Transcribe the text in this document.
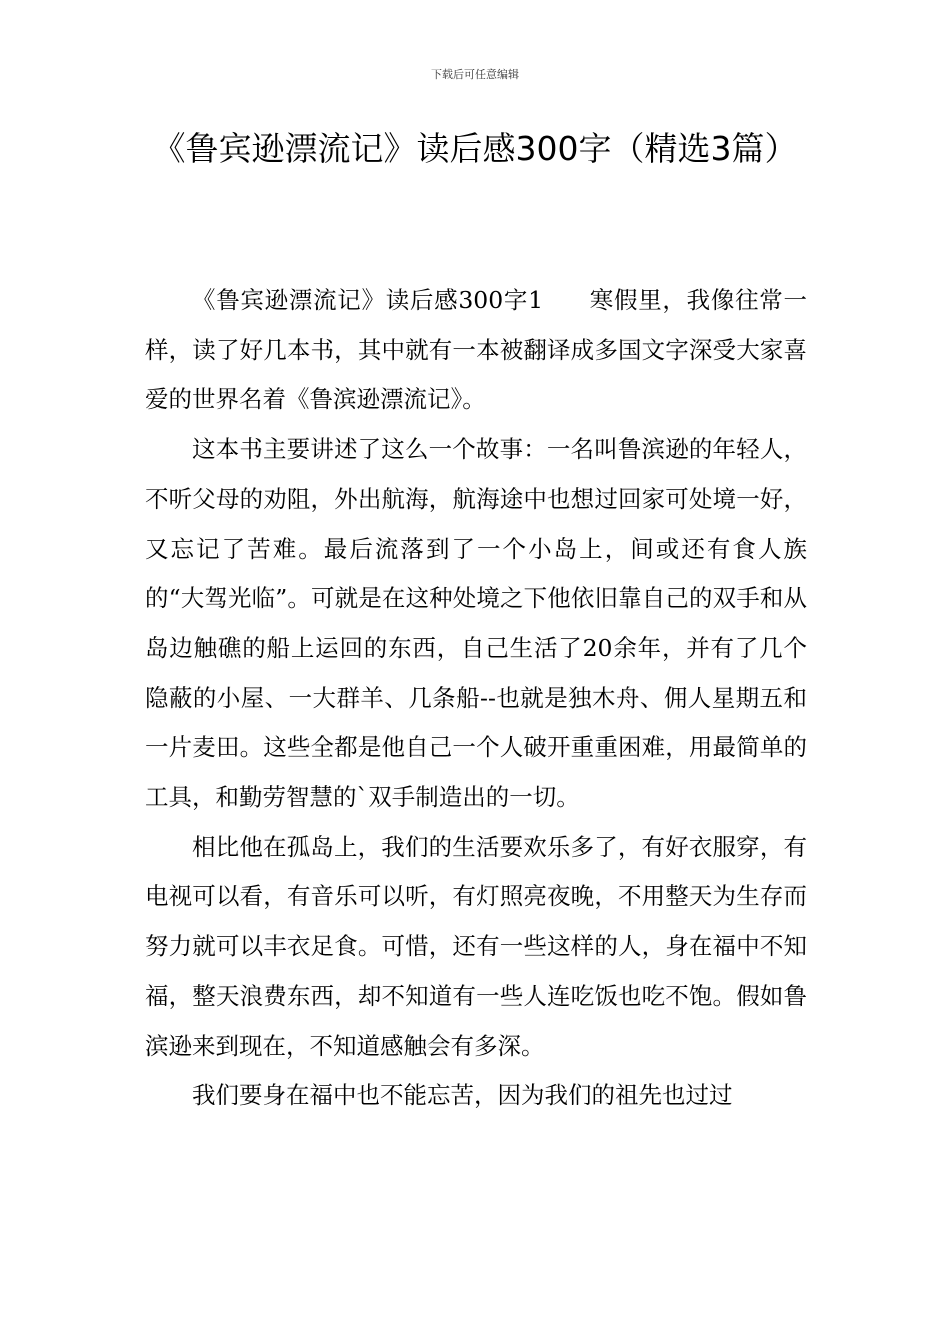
下载后可任意编辑
《鲁宾逊漂流记》读后感300字（精选3篇）

《鲁宾逊漂流记》读后感300字1 寒假里，我像往常一样，读了好几本书，其中就有一本被翻译成多国文字深受大家喜爱的世界名着《鲁滨逊漂流记》。

这本书主要讲述了这么一个故事：一名叫鲁滨逊的年轻人，不听父母的劝阻，外出航海，航海途中也想过回家可处境一好，又忘记了苦难。最后流落到了一个小岛上，间或还有食人族的“大驾光临”。可就是在这种处境之下他依旧靠自己的双手和从岛边触礁的船上运回的东西，自己生活了20余年，并有了几个隐蔽的小屋、一大群羊、几条船--也就是独木舟、佣人星期五和一片麦田。这些全都是他自己一个人破开重重困难，用最简单的工具，和勤劳智慧的`双手制造出的一切。

相比他在孤岛上，我们的生活要欢乐多了，有好衣服穿，有电视可以看，有音乐可以听，有灯照亮夜晚，不用整天为生存而努力就可以丰衣足食。可惜，还有一些这样的人，身在福中不知福，整天浪费东西，却不知道有一些人连吃饭也吃不饱。假如鲁滨逊来到现在，不知道感触会有多深。

我们要身在福中也不能忘苦，因为我们的祖先也过过
